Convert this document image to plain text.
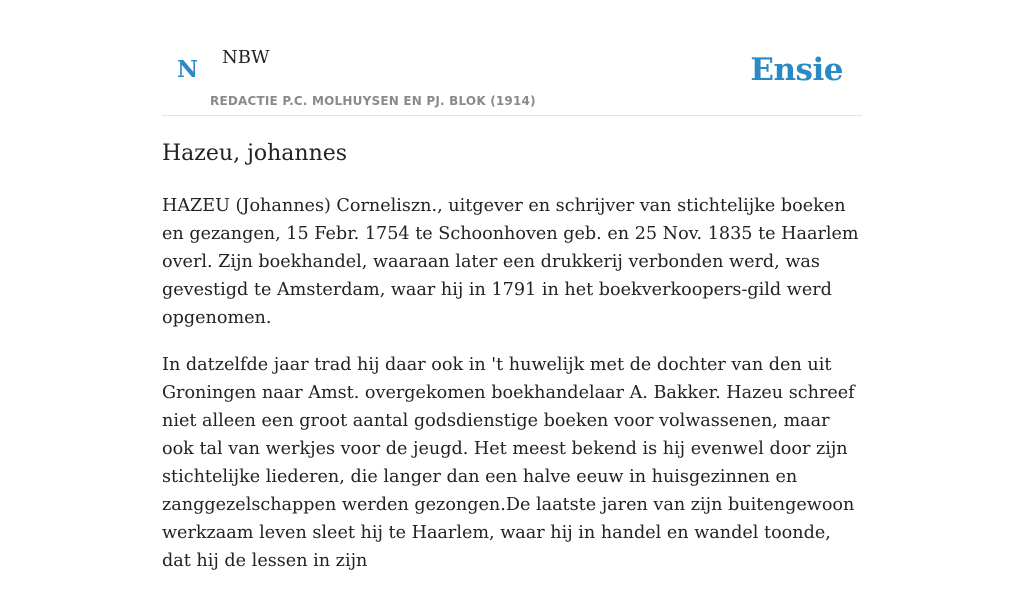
N NBW	Ensie
REDACTIE P.C. MOLHUYSEN EN PJ. BLOK (1914)
Hazeu, johannes

HAZEU (Johannes) Corneliszn., uitgever en schrijver van stichtelijke boeken en gezangen, 15 Febr. 1754 te Schoonhoven geb. en 25 Nov. 1835 te Haarlem overl. Zijn boekhandel, waaraan later een drukkerij verbonden werd, was gevestigd te Amsterdam, waar hij in 1791 in het boekverkoopers-gild werd opgenomen.

In datzelfde jaar trad hij daar ook in 't huwelijk met de dochter van den uit Groningen naar Amst. overgekomen boekhandelaar A. Bakker. Hazeu schreef niet alleen een groot aantal godsdienstige boeken voor volwassenen, maar ook tal van werkjes voor de jeugd. Het meest bekend is hij evenwel door zijn stichtelijke liederen, die langer dan een halve eeuw in huisgezinnen en zanggezelschappen werden gezongen.De laatste jaren van zijn buitengewoon werkzaam leven sleet hij te Haarlem, waar hij in handel en wandel toonde, dat hij de lessen in zijn
